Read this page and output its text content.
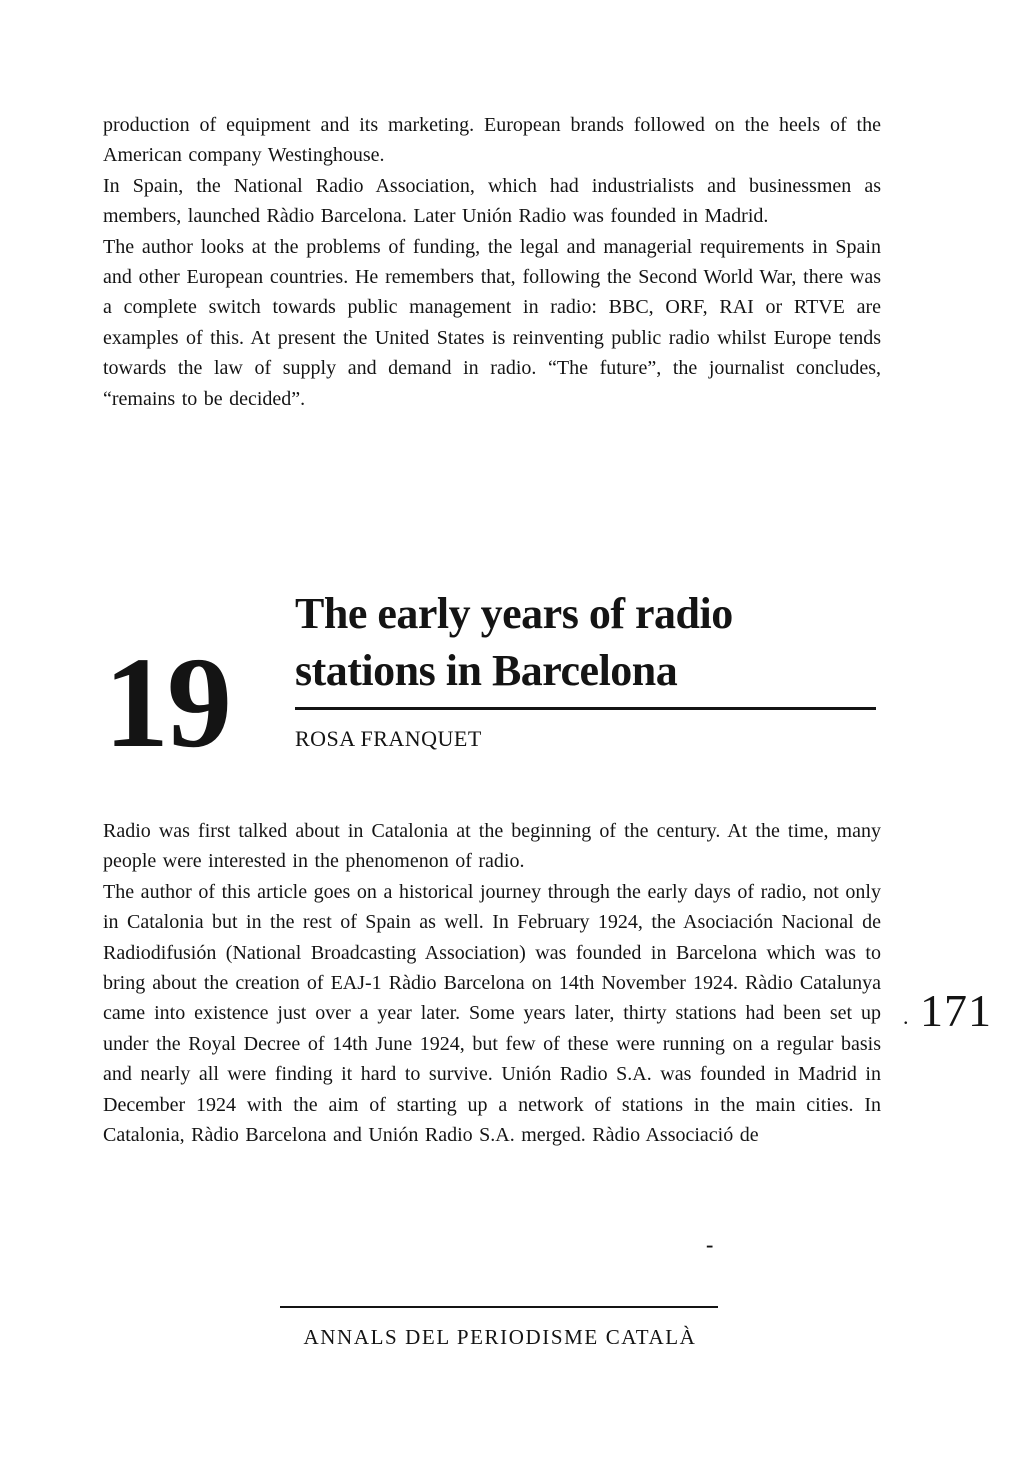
production of equipment and its marketing. European brands followed on the heels of the American company Westinghouse.

In Spain, the National Radio Association, which had industrialists and businessmen as members, launched Ràdio Barcelona. Later Unión Radio was founded in Madrid.

The author looks at the problems of funding, the legal and managerial requirements in Spain and other European countries. He remembers that, following the Second World War, there was a complete switch towards public management in radio: BBC, ORF, RAI or RTVE are examples of this. At present the United States is reinventing public radio whilst Europe tends towards the law of supply and demand in radio. “The future”, the journalist concludes, “remains to be decided”.

19
The early years of radio
stations in Barcelona
ROSA FRANQUET

Radio was first talked about in Catalonia at the beginning of the century. At the time, many people were interested in the phenomenon of radio.

The author of this article goes on a historical journey through the early days of radio, not only in Catalonia but in the rest of Spain as well. In February 1924, the Asociación Nacional de Radiodifusión (National Broadcasting Association) was founded in Barcelona which was to bring about the creation of EAJ-1 Ràdio Barcelona on 14th November 1924. Ràdio Catalunya came into existence just over a year later. Some years later, thirty stations had been set up under the Royal Decree of 14th June 1924, but few of these were running on a regular basis and nearly all were finding it hard to survive. Unión Radio S.A. was founded in Madrid in December 1924 with the aim of starting up a network of stations in the main cities. In Catalonia, Ràdio Barcelona and Unión Radio S.A. merged. Ràdio Associació de

. 171
-
ANNALS DEL PERIODISME CATALÀ
